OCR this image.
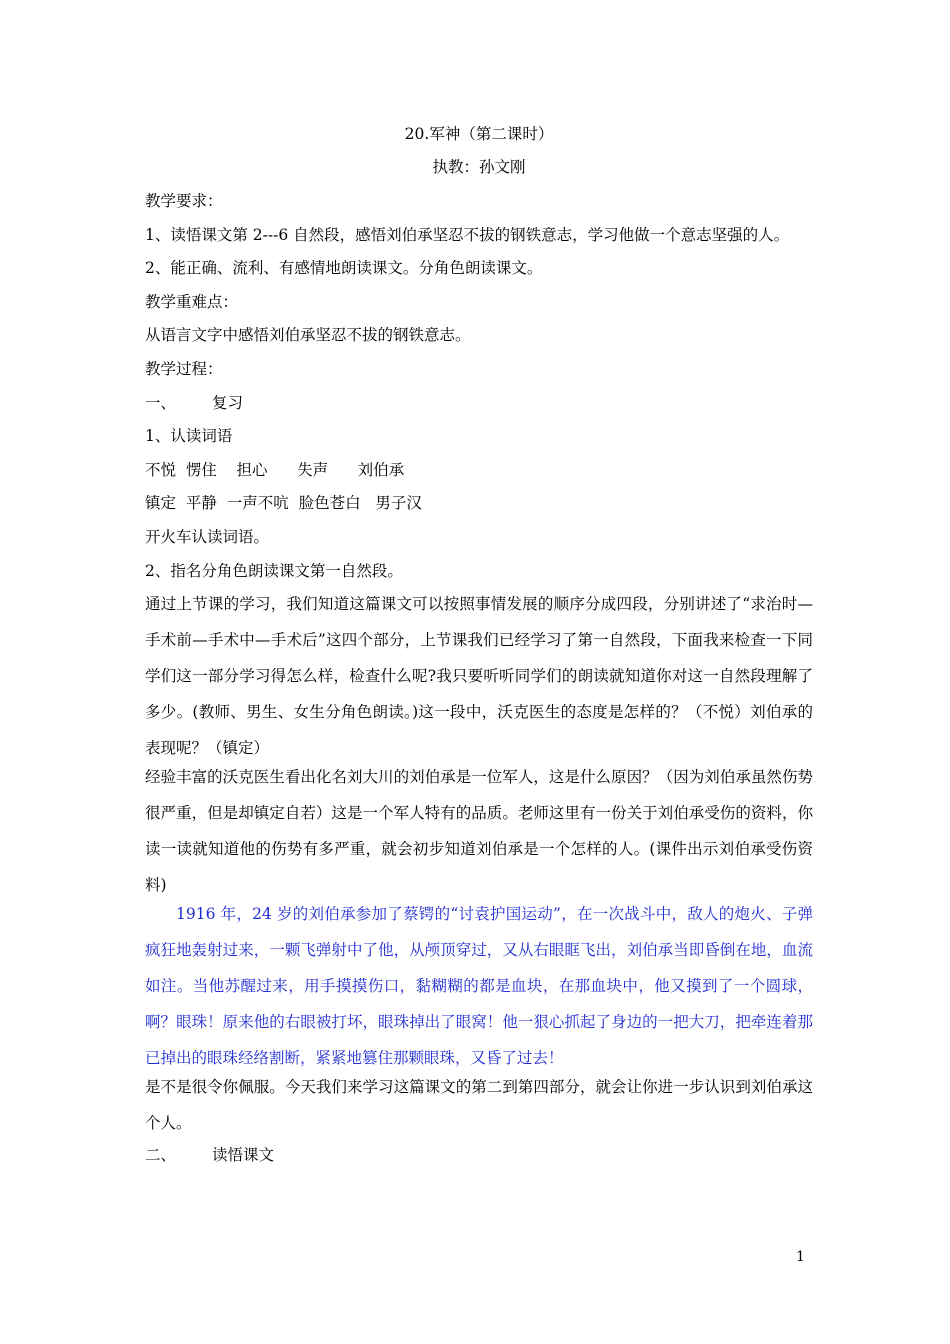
20.军神（第二课时）
执教：孙文刚
教学要求：
1、读悟课文第 2---6 自然段，感悟刘伯承坚忍不拔的钢铁意志，学习他做一个意志坚强的人。
2、能正确、流利、有感情地朗读课文。分角色朗读课文。
教学重难点：
从语言文字中感悟刘伯承坚忍不拔的钢铁意志。
教学过程：
一、 复习
1、认读词语
不悦  愣住    担心      失声      刘伯承
镇定  平静  一声不吭  脸色苍白   男子汉
开火车认读词语。
2、指名分角色朗读课文第一自然段。
通过上节课的学习，我们知道这篇课文可以按照事情发展的顺序分成四段，分别讲述了“求治时—手术前—手术中—手术后”这四个部分，上节课我们已经学习了第一自然段，下面我来检查一下同学们这一部分学习得怎么样，检查什么呢?我只要听听同学们的朗读就知道你对这一自然段理解了多少。(教师、男生、女生分角色朗读。)这一段中，沃克医生的态度是怎样的？（不悦）刘伯承的表现呢？（镇定）
经验丰富的沃克医生看出化名刘大川的刘伯承是一位军人，这是什么原因？（因为刘伯承虽然伤势很严重，但是却镇定自若）这是一个军人特有的品质。老师这里有一份关于刘伯承受伤的资料，你读一读就知道他的伤势有多严重，就会初步知道刘伯承是一个怎样的人。(课件出示刘伯承受伤资料)
1916 年，24 岁的刘伯承参加了蔡锷的“讨袁护国运动”，在一次战斗中，敌人的炮火、子弹疯狂地轰射过来，一颗飞弹射中了他，从颅顶穿过，又从右眼眶飞出，刘伯承当即昏倒在地，血流如注。当他苏醒过来，用手摸摸伤口，黏糊糊的都是血块，在那血块中，他又摸到了一个圆球，啊？眼珠！原来他的右眼被打坏，眼珠掉出了眼窝！他一狠心抓起了身边的一把大刀，把牵连着那已掉出的眼珠经络割断，紧紧地篡住那颗眼珠，又昏了过去！
是不是很令你佩服。今天我们来学习这篇课文的第二到第四部分，就会让你进一步认识到刘伯承这个人。
二、 读悟课文
1
